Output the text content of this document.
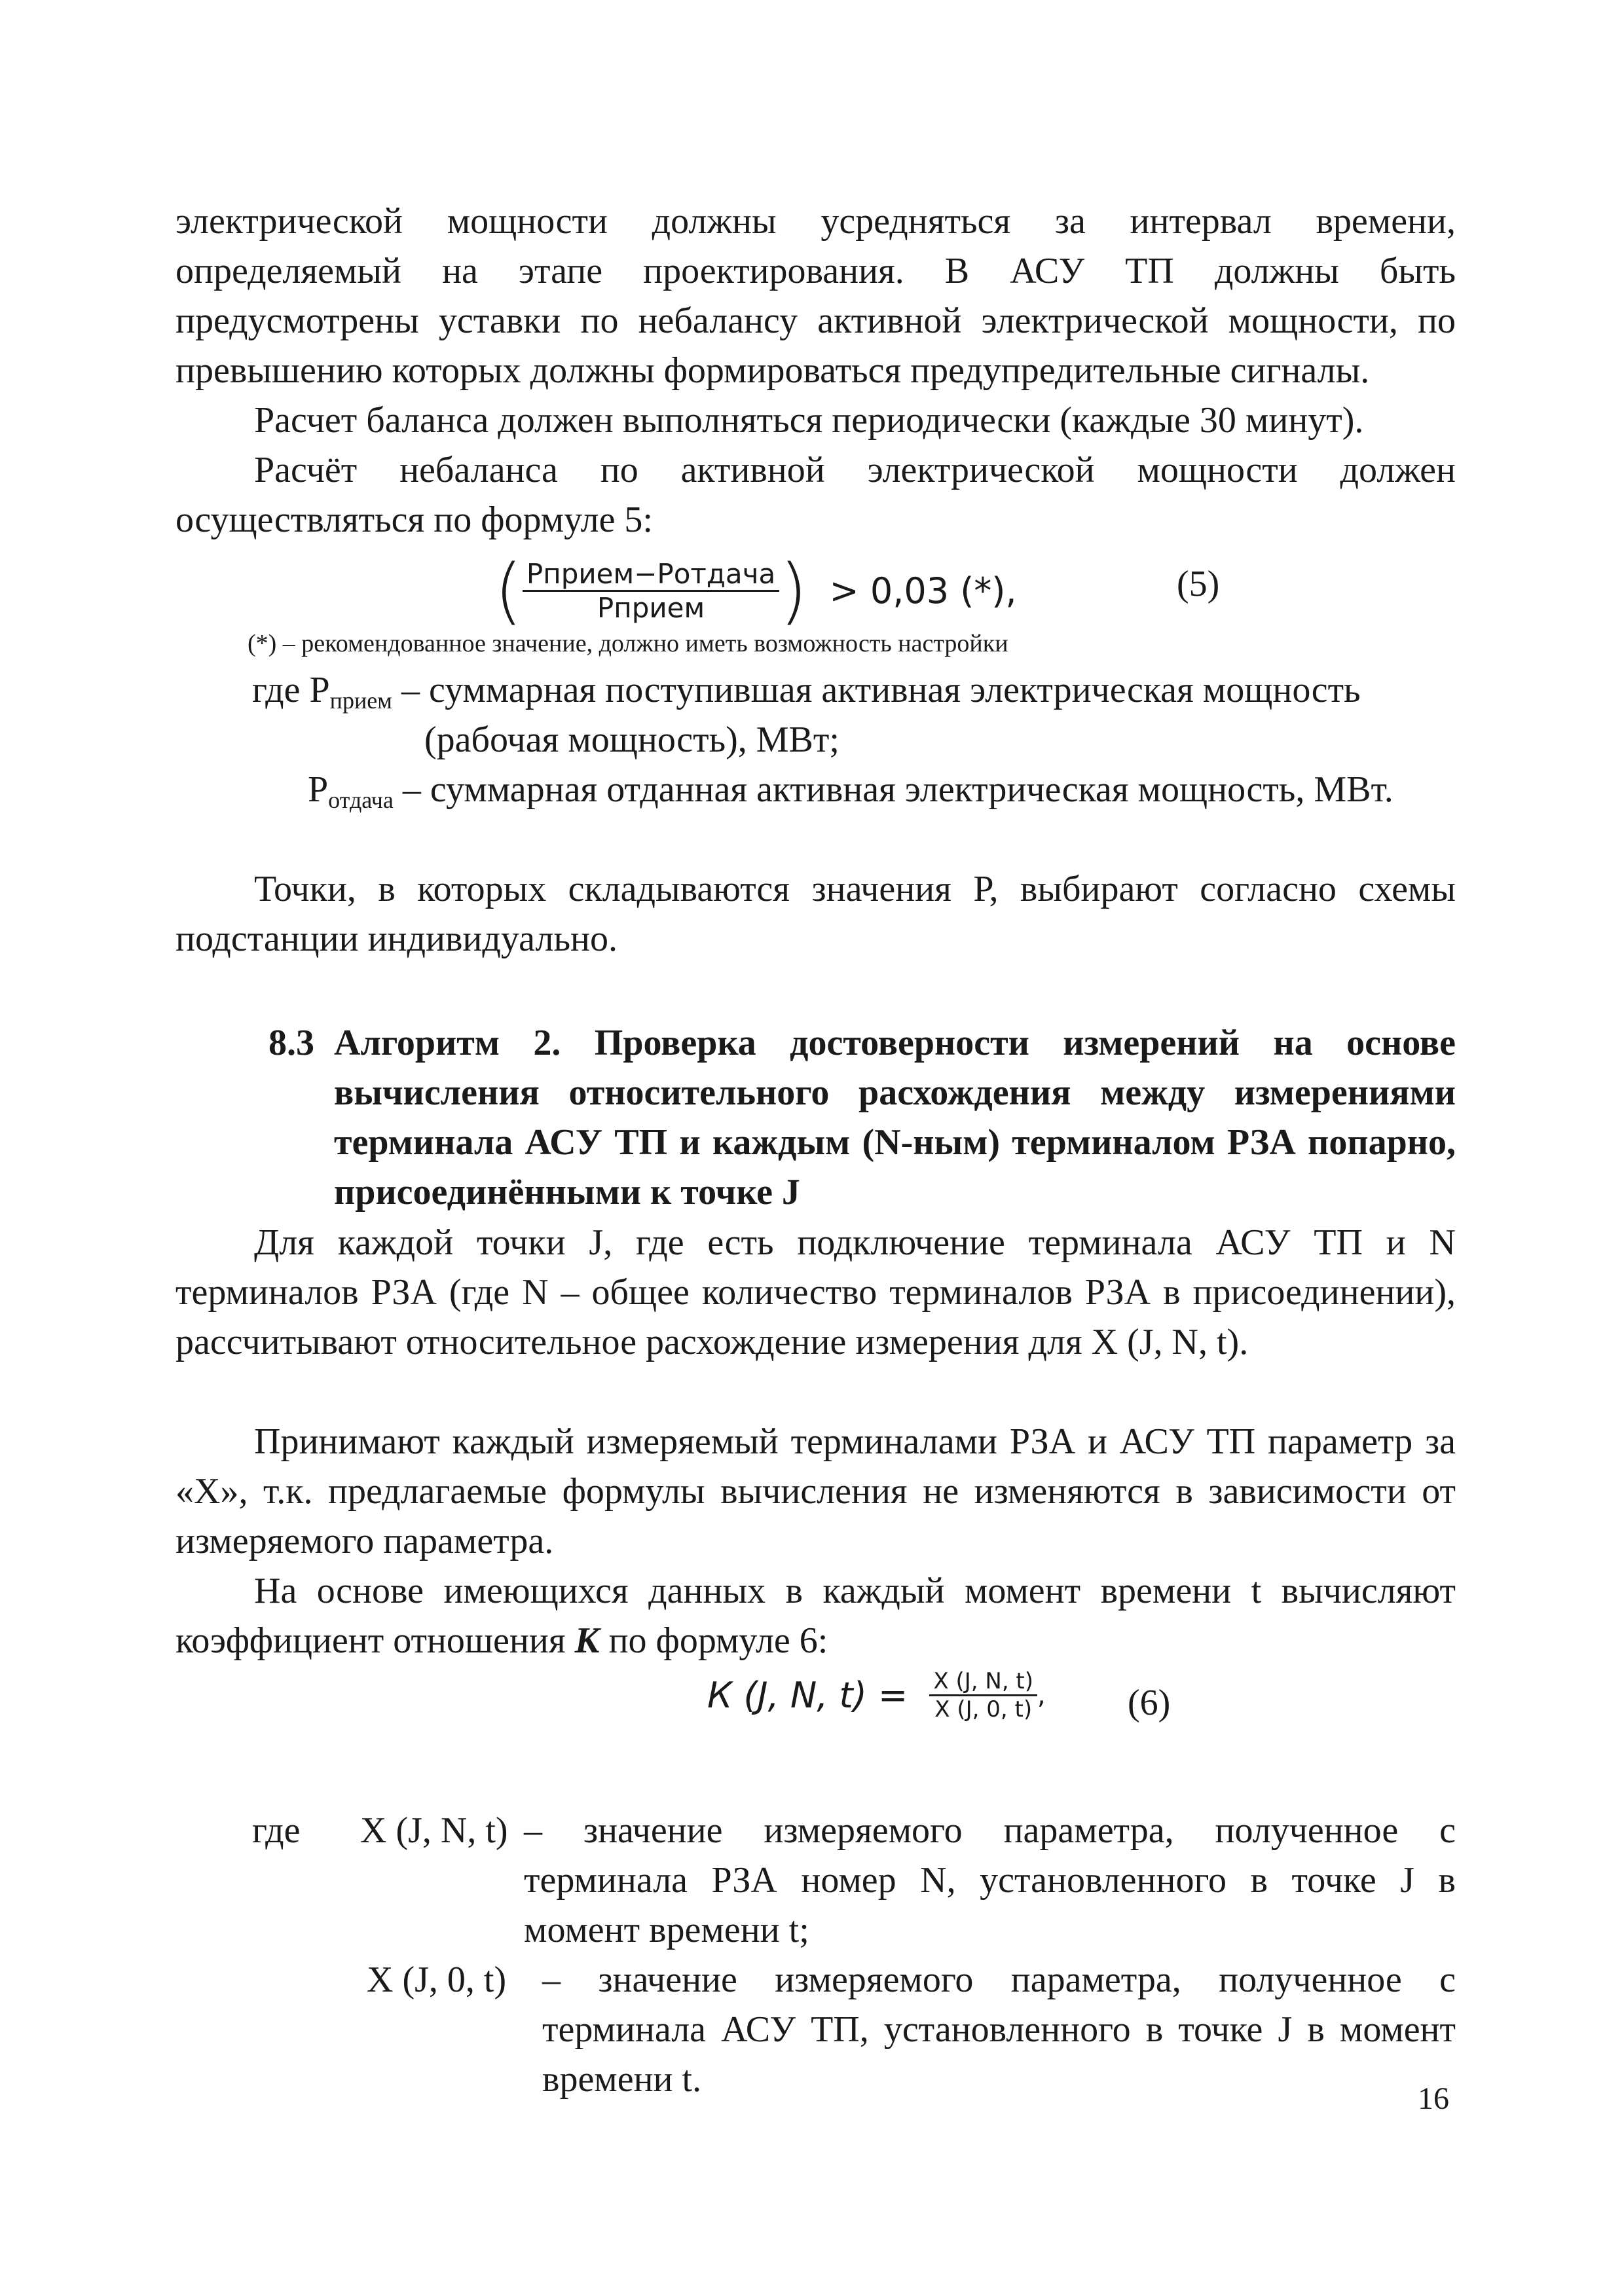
электрической мощности должны усредняться за интервал времени, определяемый на этапе проектирования. В АСУ ТП должны быть предусмотрены уставки по небалансу активной электрической мощности, по превышению которых должны формироваться предупредительные сигналы.

Расчет баланса должен выполняться периодически (каждые 30 минут).

Расчёт небаланса по активной электрической мощности должен осуществляться по формуле 5:

( $\frac{\text{Рприем−Ротдача}}{\text{Рприем}}$ ) > 0,03 (*),	(5)

(*) – рекомендованное значение, должно иметь возможность настройки

где $Р_{прием}$ – суммарная поступившая активная электрическая мощность

(рабочая мощность), МВт;

$Р_{отдача}$ – суммарная отданная активная электрическая мощность, МВт.

Точки, в которых складываются значения Р, выбирают согласно схемы подстанции индивидуально.

8.3 Алгоритм 2. Проверка достоверности измерений на основе вычисления относительного расхождения между измерениями терминала АСУ ТП и каждым (N-ным) терминалом РЗА попарно, присоединёнными к точке J

Для каждой точки J, где есть подключение терминала АСУ ТП и N терминалов РЗА (где N – общее количество терминалов РЗА в присоединении), рассчитывают относительное расхождение измерения для X (J, N, t).

Принимают каждый измеряемый терминалами РЗА и АСУ ТП параметр за «Х», т.к. предлагаемые формулы вычисления не изменяются в зависимости от измеряемого параметра.

На основе имеющихся данных в каждый момент времени t вычисляют коэффициент отношения К по формуле 6:

К (J, N, $t) = \frac{X (J, N, t)}{X (J, 0, t)}$ , (6)
где X (J, N, t) – значение измеряемого параметра, полученное с терминала РЗА номер N, установленного в точке J в момент времени t;

X (J, 0, t) – значение измеряемого параметра, полученное с терминала АСУ ТП, установленного в точке J в момент времени t.	16
